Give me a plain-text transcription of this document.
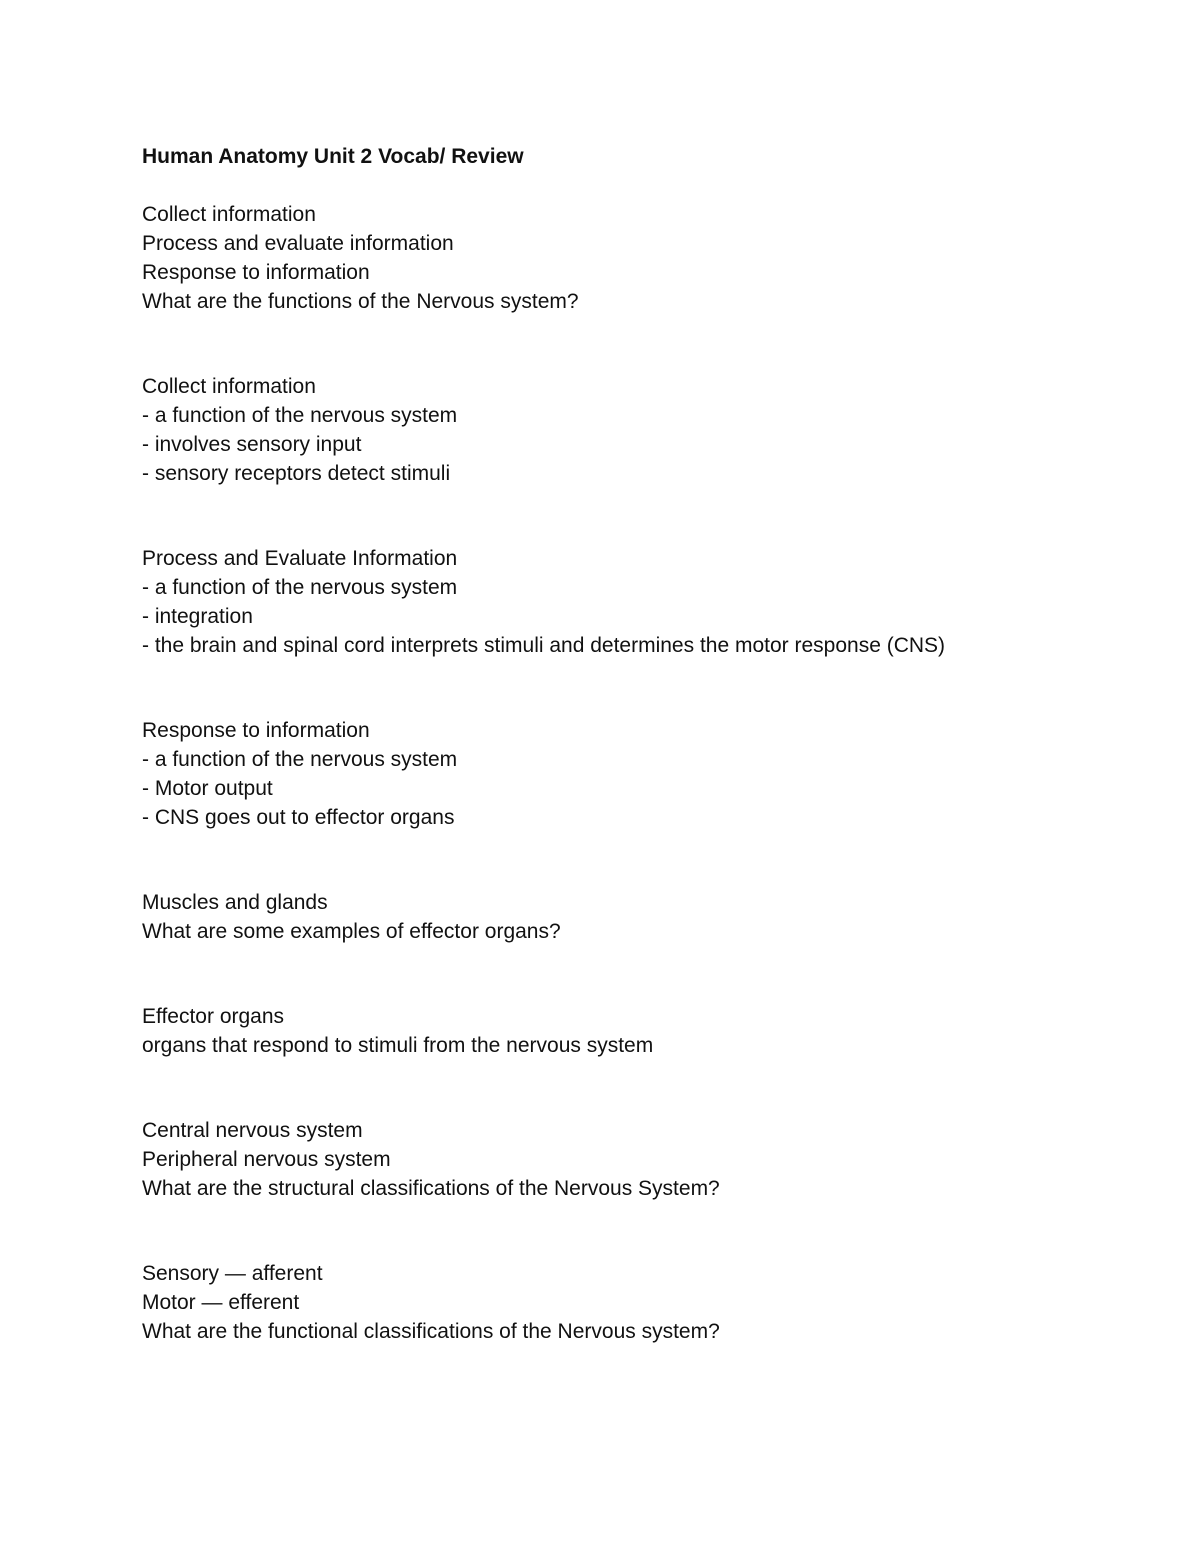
Human Anatomy Unit 2 Vocab/ Review

Collect information

Process and evaluate information

Response to information

What are the functions of the Nervous system?

Collect information

- a function of the nervous system

- involves sensory input

- sensory receptors detect stimuli

Process and Evaluate Information

- a function of the nervous system

- integration

- the brain and spinal cord interprets stimuli and determines the motor response (CNS)

Response to information

- a function of the nervous system

- Motor output

- CNS goes out to effector organs

Muscles and glands

What are some examples of effector organs?

Effector organs

organs that respond to stimuli from the nervous system

Central nervous system

Peripheral nervous system

What are the structural classifications of the Nervous System?

Sensory — afferent

Motor — efferent

What are the functional classifications of the Nervous system?
